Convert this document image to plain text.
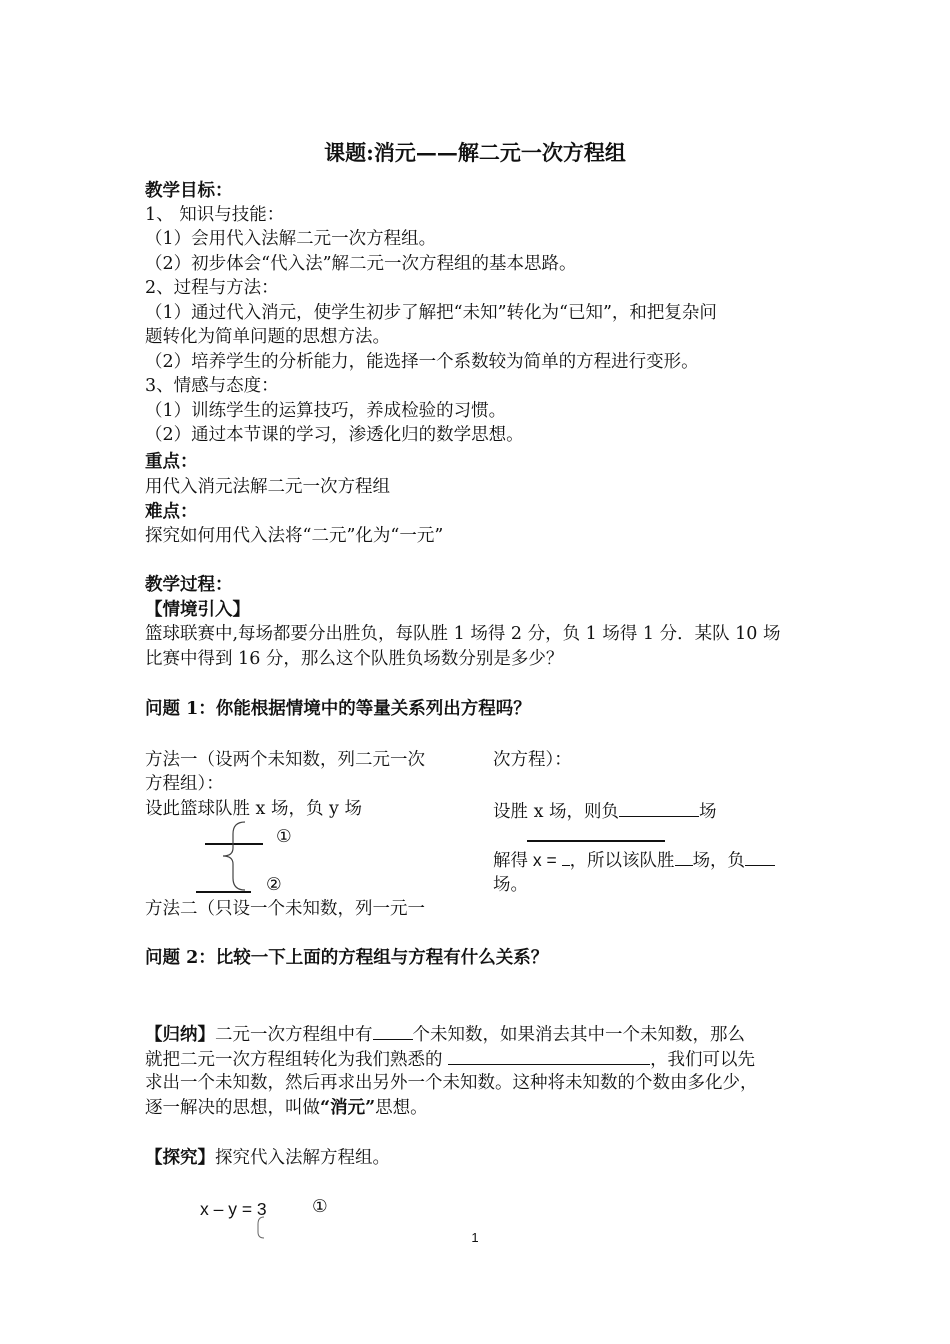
课题:消元——解二元一次方程组
教学目标：
1、 知识与技能：
（1）会用代入法解二元一次方程组。
（2）初步体会“代入法”解二元一次方程组的基本思路。
2、过程与方法：
（1）通过代入消元，使学生初步了解把“未知”转化为“已知”，和把复杂问
题转化为简单问题的思想方法。
（2）培养学生的分析能力，能选择一个系数较为简单的方程进行变形。
3、情感与态度：
（1）训练学生的运算技巧，养成检验的习惯。
（2）通过本节课的学习，渗透化归的数学思想。
重点：
用代入消元法解二元一次方程组
难点：
探究如何用代入法将“二元”化为“一元”
教学过程：
【情境引入】
篮球联赛中,每场都要分出胜负，每队胜 1 场得 2 分，负 1 场得 1 分．某队 10 场
比赛中得到 16 分，那么这个队胜负场数分别是多少？
问题 1：你能根据情境中的等量关系列出方程吗？
方法一（设两个未知数，列二元一次
方程组）：
设此篮球队胜 x 场，负 y 场
①
②
方法二（只设一个未知数，列一元一
次方程）：
设胜 x 场，则负	场
解得 x = ，所以该队胜 场，负
场。
问题 2：比较一下上面的方程组与方程有什么关系？
【归纳】二元一次方程组中有 个未知数，如果消去其中一个未知数，那么
就把二元一次方程组转化为我们熟悉的	，我们可以先
求出一个未知数，然后再求出另外一个未知数。这种将未知数的个数由多化少，
逐一解决的思想，叫做“消元”思想。
【探究】探究代入法解方程组。
x – y = 3	①
1
